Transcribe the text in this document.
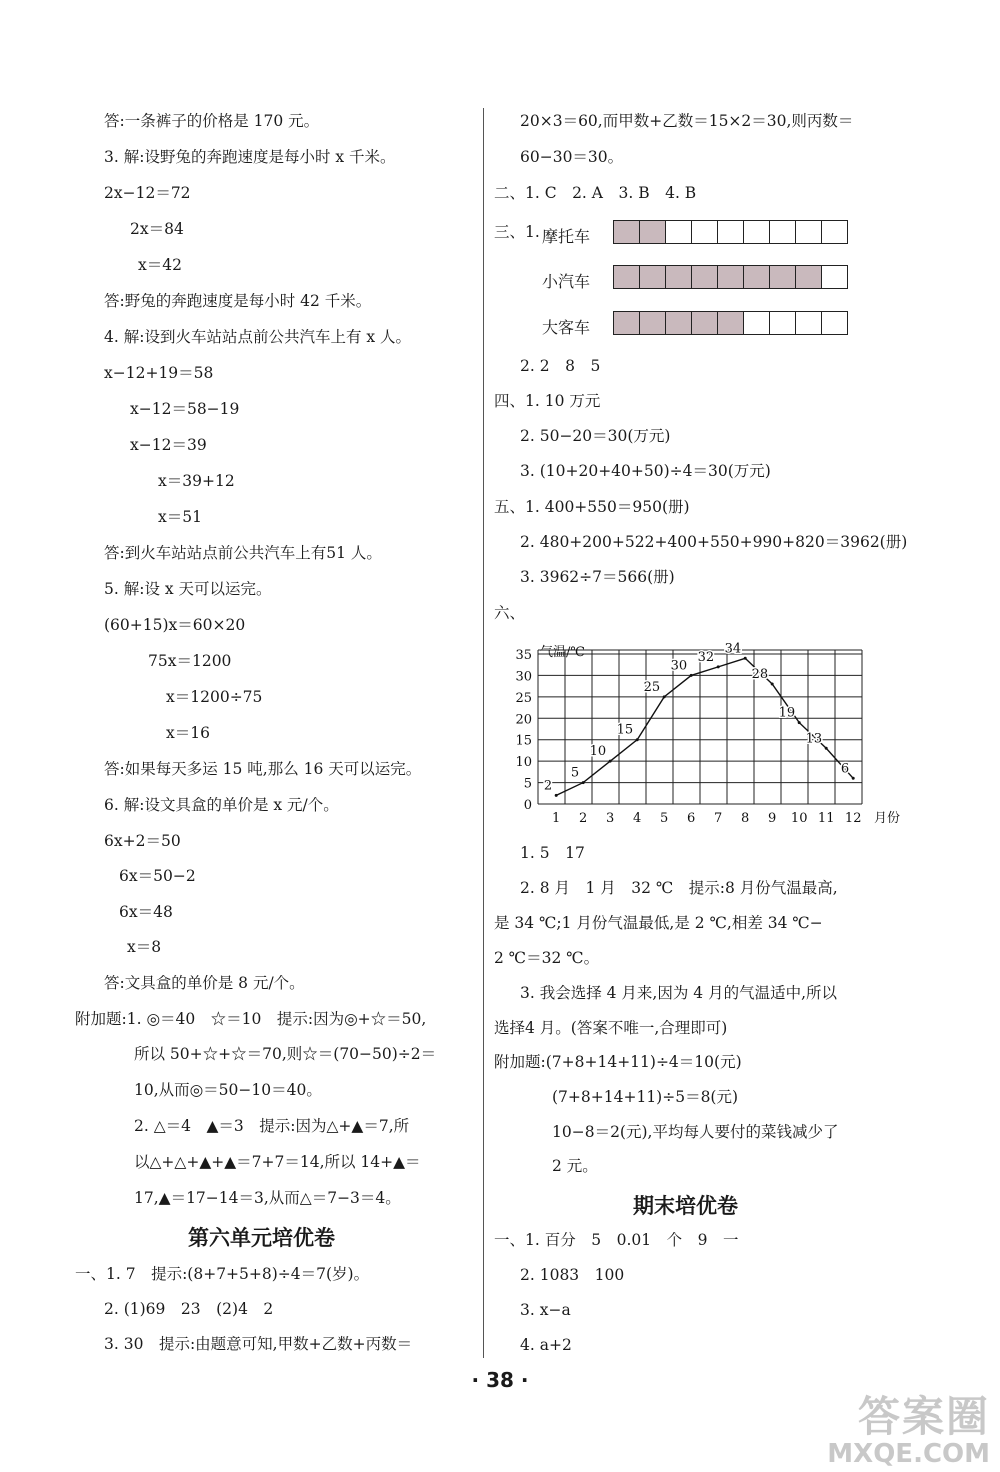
答:一条裤子的价格是 170 元。
3. 解:设野兔的奔跑速度是每小时 x 千米。
2x−12＝72
2x＝84
x＝42
答:野兔的奔跑速度是每小时 42 千米。
4. 解:设到火车站站点前公共汽车上有 x 人。
x−12+19＝58
x−12＝58−19
x−12＝39
x＝39+12
x＝51
答:到火车站站点前公共汽车上有51 人。
5. 解:设 x 天可以运完。
(60+15)x＝60×20
75x＝1200
x＝1200÷75
x＝16
答:如果每天多运 15 吨,那么 16 天可以运完。
6. 解:设文具盒的单价是 x 元/个。
6x+2＝50
6x＝50−2
6x＝48
x＝8
答:文具盒的单价是 8 元/个。
附加题:1. ◎＝40　☆＝10　提示:因为◎+☆＝50,
所以 50+☆+☆＝70,则☆＝(70−50)÷2＝
10,从而◎＝50−10＝40。
2. △＝4　▲＝3　提示:因为△+▲＝7,所
以△+△+▲+▲＝7+7＝14,所以 14+▲＝
17,▲＝17−14＝3,从而△＝7−3＝4。
第六单元培优卷
一、1. 7　提示:(8+7+5+8)÷4＝7(岁)。
2. (1)69　23　(2)4　2
3. 30　提示:由题意可知,甲数+乙数+丙数＝
20×3＝60,而甲数+乙数＝15×2＝30,则丙数＝
60−30＝30。
二、1. C　2. A　3. B　4. B
三、1. 摩托车
小汽车
大客车
2. 2　8　5
四、1. 10 万元
2. 50−20＝30(万元)
3. (10+20+40+50)÷4＝30(万元)
五、1. 400+550＝950(册)
2. 480+200+522+400+550+990+820＝3962(册)
3. 3962÷7＝566(册)
六、
0
5
10
15
20
25
30
35
1 2 3 4 5 6 7 8 9 10 11 12
气温/℃
月份
2
5
10
15
25
30
32
34
28
19
13
6
1. 5　17
2. 8 月　1 月　32 ℃　提示:8 月份气温最高,
是 34 ℃;1 月份气温最低,是 2 ℃,相差 34 ℃−
2 ℃＝32 ℃。
3. 我会选择 4 月来,因为 4 月的气温适中,所以
选择4 月。(答案不唯一,合理即可)
附加题:(7+8+14+11)÷4＝10(元)
(7+8+14+11)÷5＝8(元)
10−8＝2(元),平均每人要付的菜钱减少了
2 元。
期末培优卷
一、1. 百分　5　0.01　个　9　一
2. 1083　100
3. x−a
4. a+2
· 38 ·
答案圈
MXQE.COM
